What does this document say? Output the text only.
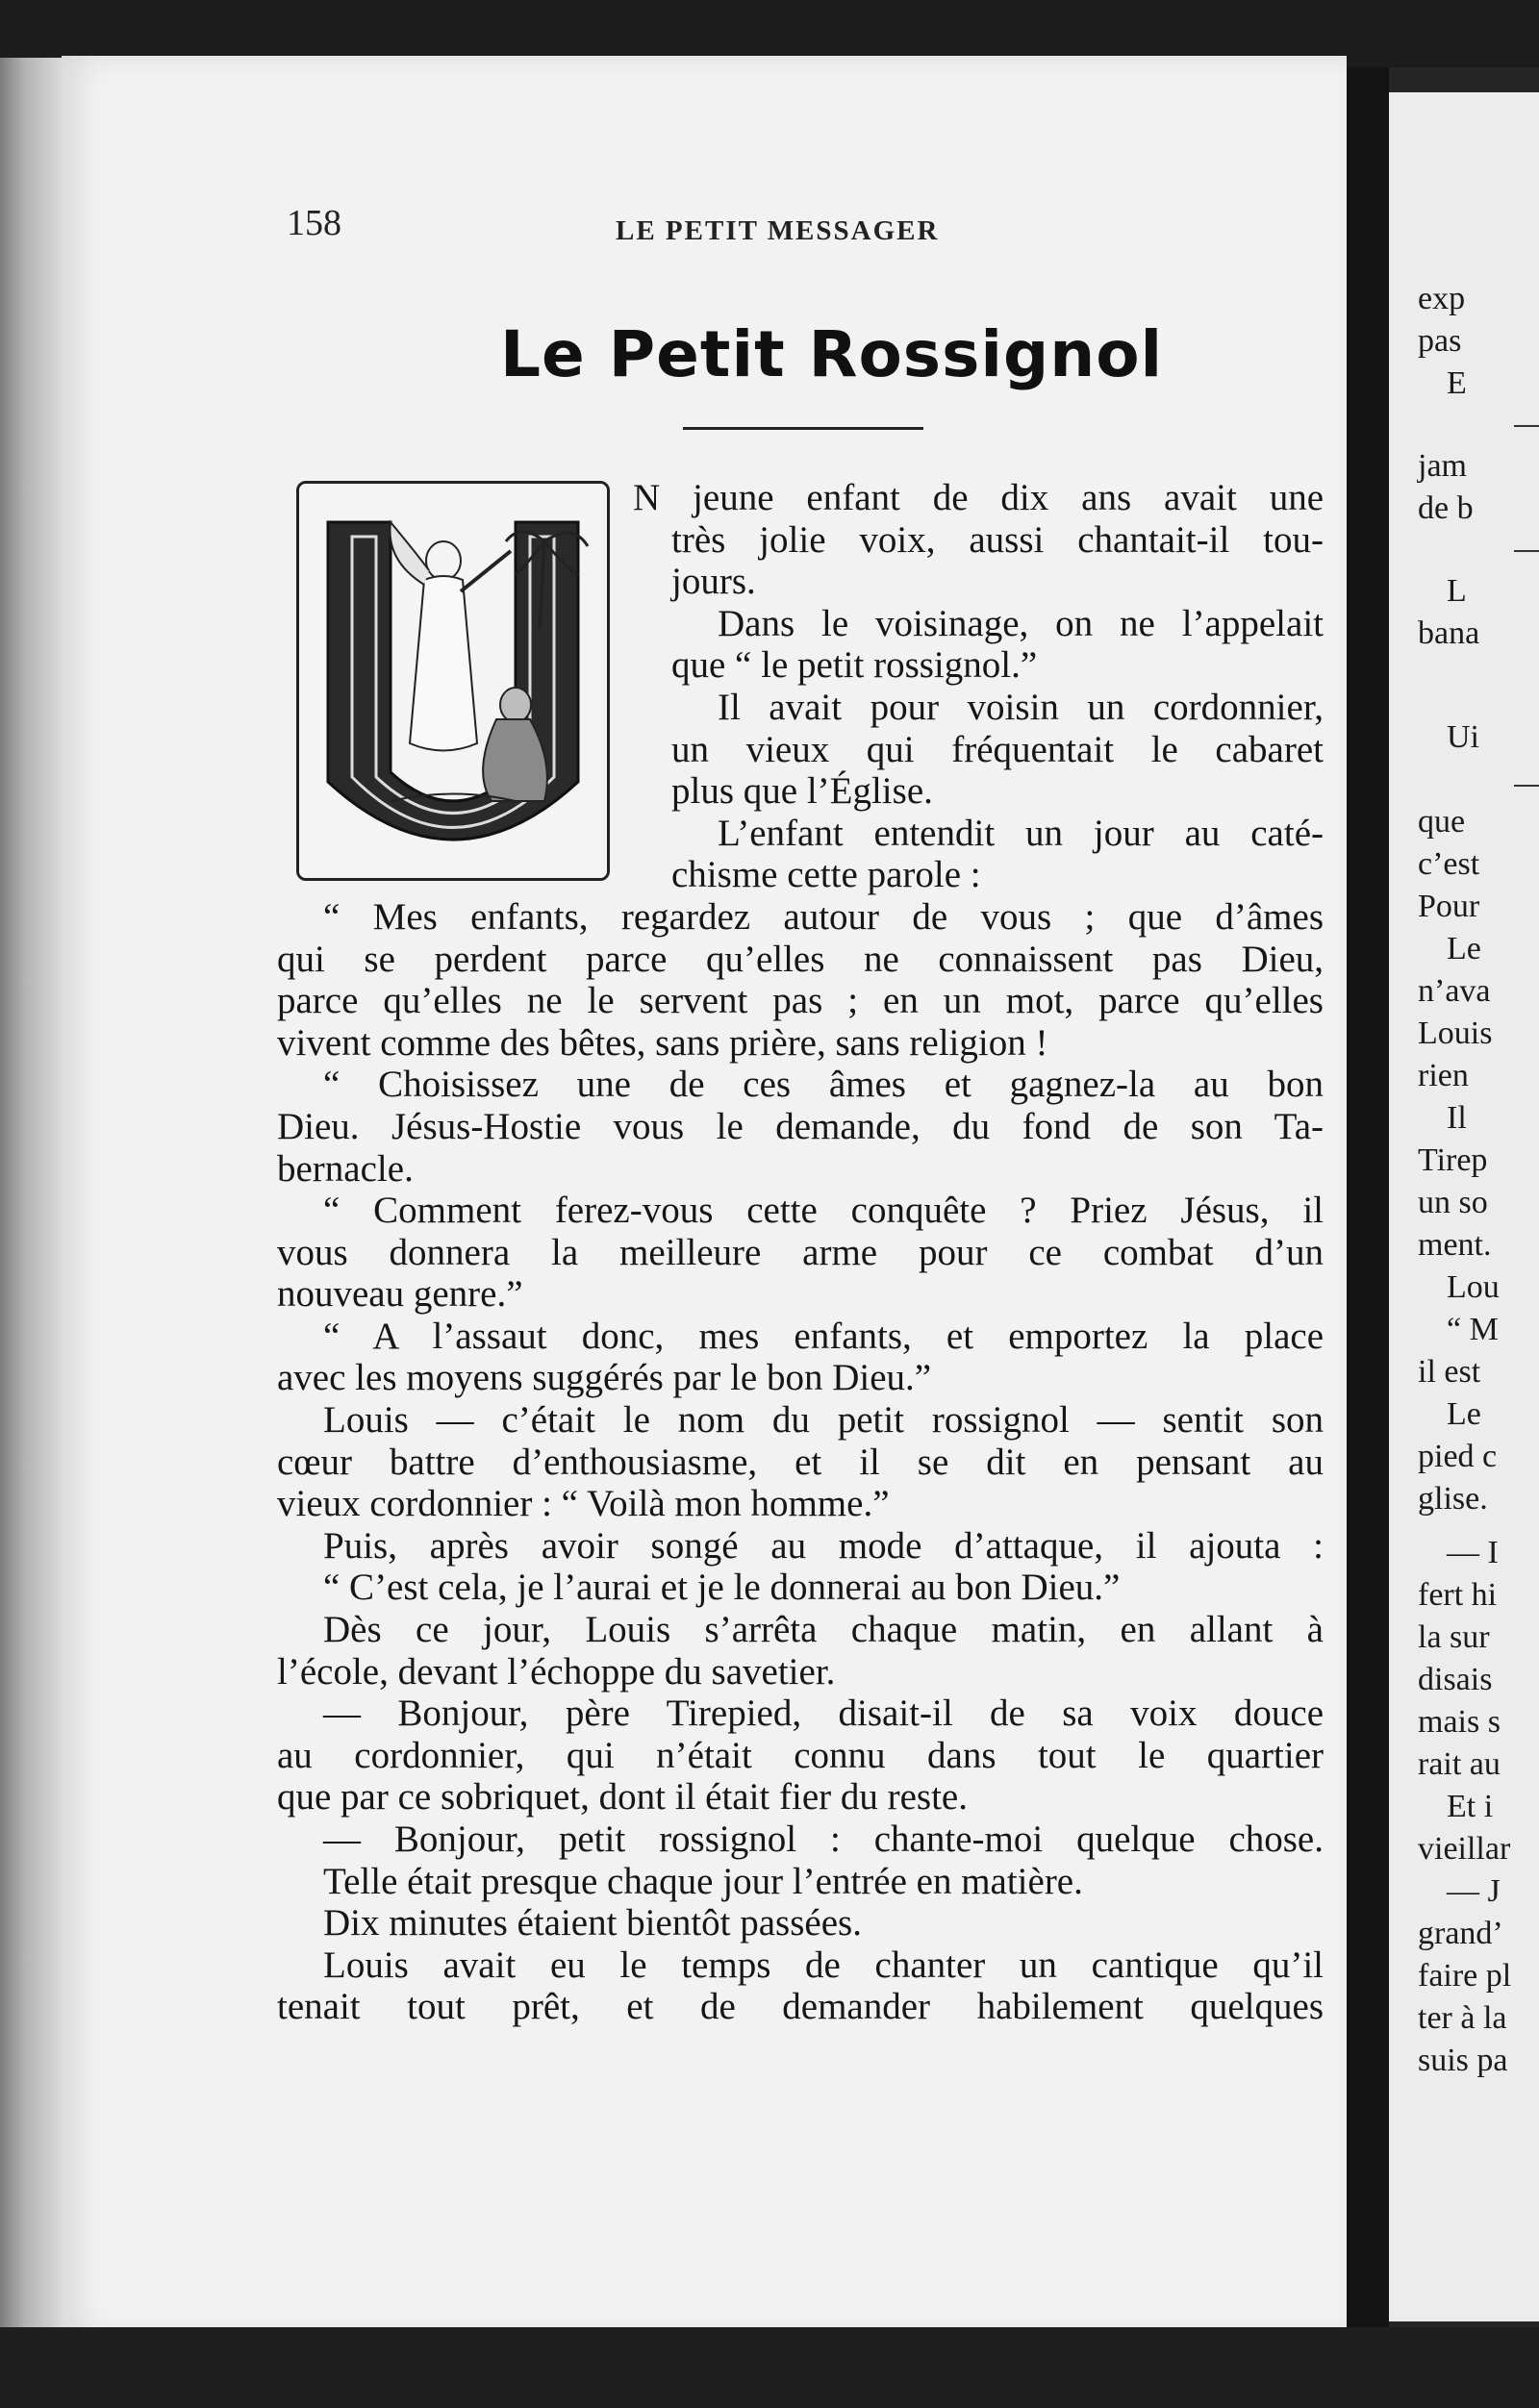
158	LE PETIT MESSAGER
Le Petit Rossignol
N jeune enfant de dix ans avait une
très jolie voix, aussi chantait-il tou-
jours.
Dans le voisinage, on ne l’appelait
que “ le petit rossignol.”
Il avait pour voisin un cordonnier,
un vieux qui fréquentait le cabaret
plus que l’Église.
L’enfant entendit un jour au caté-
chisme cette parole :
“ Mes enfants, regardez autour de vous ; que d’âmes
qui se perdent parce qu’elles ne connaissent pas Dieu,
parce qu’elles ne le servent pas ; en un mot, parce qu’elles
vivent comme des bêtes, sans prière, sans religion !
“ Choisissez une de ces âmes et gagnez-la au bon
Dieu. Jésus-Hostie vous le demande, du fond de son Ta-
bernacle.
“ Comment ferez-vous cette conquête ? Priez Jésus, il
vous donnera la meilleure arme pour ce combat d’un
nouveau genre.”
“ A l’assaut donc, mes enfants, et emportez la place
avec les moyens suggérés par le bon Dieu.”
Louis — c’était le nom du petit rossignol — sentit son
cœur battre d’enthousiasme, et il se dit en pensant au
vieux cordonnier : “ Voilà mon homme.”
Puis, après avoir songé au mode d’attaque, il ajouta :
“ C’est cela, je l’aurai et je le donnerai au bon Dieu.”
Dès ce jour, Louis s’arrêta chaque matin, en allant à
l’école, devant l’échoppe du savetier.
— Bonjour, père Tirepied, disait-il de sa voix douce
au cordonnier, qui n’était connu dans tout le quartier
que par ce sobriquet, dont il était fier du reste.
— Bonjour, petit rossignol : chante-moi quelque chose.
Telle était presque chaque jour l’entrée en matière.
Dix minutes étaient bientôt passées.
Louis avait eu le temps de chanter un cantique qu’il
tenait tout prêt, et de demander habilement quelques
exp
pas
E
jam
de b
L
bana
Ui
que
c’est
Pour
Le
n’ava
Louis
rien
Il
Tirep
un so
ment.
Lou
“ M
il est
Le
pied c
glise.
— I
fert hi
la sur
disais
mais s
rait au
Et i
vieillar
— J
grand’
faire pl
ter à la
suis pa
